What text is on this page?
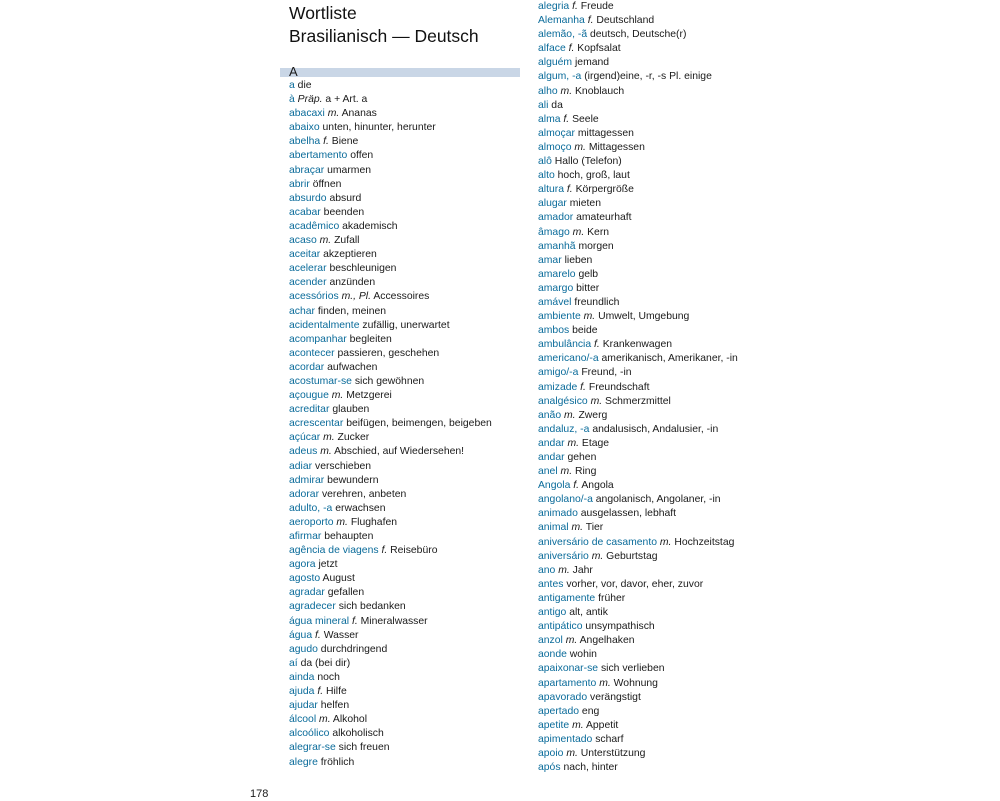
Wortliste
Brasilianisch — Deutsch
A
a die
à Präp. a + Art. a
abacaxi m. Ananas
abaixo unten, hinunter, herunter
abelha f. Biene
abertamento offen
abraçar umarmen
abrir öffnen
absurdo absurd
acabar beenden
acadêmico akademisch
acaso m. Zufall
aceitar akzeptieren
acelerar beschleunigen
acender anzünden
acessórios m., Pl. Accessoires
achar finden, meinen
acidentalmente zufällig, unerwartet
acompanhar begleiten
acontecer passieren, geschehen
acordar aufwachen
acostumar-se sich gewöhnen
açougue m. Metzgerei
acreditar glauben
acrescentar beifügen, beimengen, beigeben
açúcar m. Zucker
adeus m. Abschied, auf Wiedersehen!
adiar verschieben
admirar bewundern
adorar verehren, anbeten
adulto, -a erwachsen
aeroporto m. Flughafen
afirmar behaupten
agência de viagens f. Reisebüro
agora jetzt
agosto August
agradar gefallen
agradecer sich bedanken
água mineral f. Mineralwasser
água f. Wasser
agudo durchdringend
aí da (bei dir)
ainda noch
ajuda f. Hilfe
ajudar helfen
álcool m. Alkohol
alcoólico alkoholisch
alegrar-se sich freuen
alegre fröhlich
alegria f. Freude
Alemanha f. Deutschland
alemão, -ã deutsch, Deutsche(r)
alface f. Kopfsalat
alguém jemand
algum, -a (irgend)eine, -r, -s Pl. einige
alho m. Knoblauch
ali da
alma f. Seele
almoçar mittagessen
almoço m. Mittagessen
alô Hallo (Telefon)
alto hoch, groß, laut
altura f. Körpergröße
alugar mieten
amador amateurhaft
âmago m. Kern
amanhã morgen
amar lieben
amarelo gelb
amargo bitter
amável freundlich
ambiente m. Umwelt, Umgebung
ambos beide
ambulância f. Krankenwagen
americano/-a amerikanisch, Amerikaner, -in
amigo/-a Freund, -in
amizade f. Freundschaft
analgésico m. Schmerzmittel
anão m. Zwerg
andaluz, -a andalusisch, Andalusier, -in
andar m. Etage
andar gehen
anel m. Ring
Angola f. Angola
angolano/-a angolanisch, Angolaner, -in
animado ausgelassen, lebhaft
animal m. Tier
aniversário de casamento m. Hochzeitstag
aniversário m. Geburtstag
ano m. Jahr
antes vorher, vor, davor, eher, zuvor
antigamente früher
antigo alt, antik
antipático unsympathisch
anzol m. Angelhaken
aonde wohin
apaixonar-se sich verlieben
apartamento m. Wohnung
apavorado verängstigt
apertado eng
apetite m. Appetit
apimentado scharf
apoio m. Unterstützung
após nach, hinter
178
